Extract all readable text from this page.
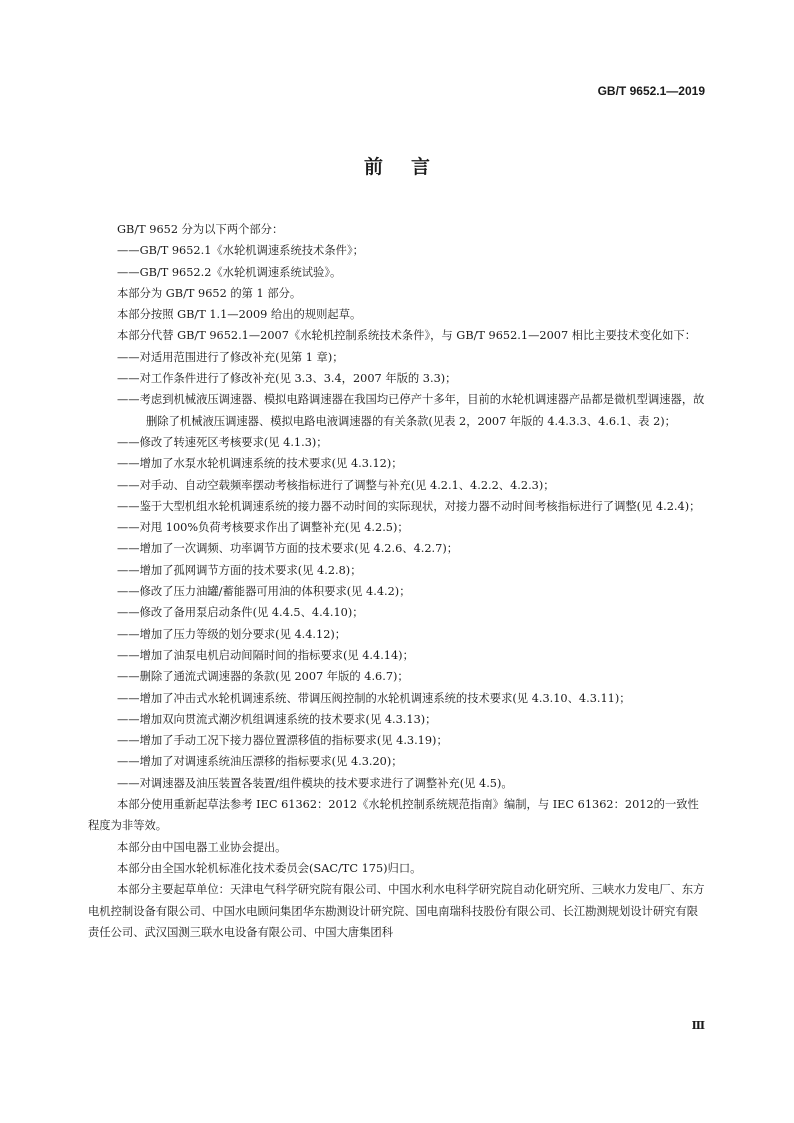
GB/T 9652.1—2019
前言

GB/T 9652 分为以下两个部分：

——GB/T 9652.1《水轮机调速系统技术条件》；

——GB/T 9652.2《水轮机调速系统试验》。

本部分为 GB/T 9652 的第 1 部分。

本部分按照 GB/T 1.1—2009 给出的规则起草。

本部分代替 GB/T 9652.1—2007《水轮机控制系统技术条件》，与 GB/T 9652.1—2007 相比主要技术变化如下：

——对适用范围进行了修改补充(见第 1 章)；

——对工作条件进行了修改补充(见 3.3、3.4，2007 年版的 3.3)；

——考虑到机械液压调速器、模拟电路调速器在我国均已停产十多年，目前的水轮机调速器产品都是微机型调速器，故删除了机械液压调速器、模拟电路电液调速器的有关条款(见表 2，2007 年版的 4.4.3.3、4.6.1、表 2)；

——修改了转速死区考核要求(见 4.1.3)；

——增加了水泵水轮机调速系统的技术要求(见 4.3.12)；

——对手动、自动空载频率摆动考核指标进行了调整与补充(见 4.2.1、4.2.2、4.2.3)；

——鉴于大型机组水轮机调速系统的接力器不动时间的实际现状，对接力器不动时间考核指标进行了调整(见 4.2.4)；

——对甩 100%负荷考核要求作出了调整补充(见 4.2.5)；

——增加了一次调频、功率调节方面的技术要求(见 4.2.6、4.2.7)；

——增加了孤网调节方面的技术要求(见 4.2.8)；

——修改了压力油罐/蓄能器可用油的体积要求(见 4.4.2)；

——修改了备用泵启动条件(见 4.4.5、4.4.10)；

——增加了压力等级的划分要求(见 4.4.12)；

——增加了油泵电机启动间隔时间的指标要求(见 4.4.14)；

——删除了通流式调速器的条款(见 2007 年版的 4.6.7)；

——增加了冲击式水轮机调速系统、带调压阀控制的水轮机调速系统的技术要求(见 4.3.10、4.3.11)；

——增加双向贯流式潮汐机组调速系统的技术要求(见 4.3.13)；

——增加了手动工况下接力器位置漂移值的指标要求(见 4.3.19)；

——增加了对调速系统油压漂移的指标要求(见 4.3.20)；

——对调速器及油压装置各装置/组件模块的技术要求进行了调整补充(见 4.5)。

本部分使用重新起草法参考 IEC 61362：2012《水轮机控制系统规范指南》编制，与 IEC 61362：2012的一致性程度为非等效。

本部分由中国电器工业协会提出。

本部分由全国水轮机标准化技术委员会(SAC/TC 175)归口。

本部分主要起草单位：天津电气科学研究院有限公司、中国水利水电科学研究院自动化研究所、三峡水力发电厂、东方电机控制设备有限公司、中国水电顾问集团华东勘测设计研究院、国电南瑞科技股份有限公司、长江勘测规划设计研究有限责任公司、武汉国测三联水电设备有限公司、中国大唐集团科

Ⅲ
